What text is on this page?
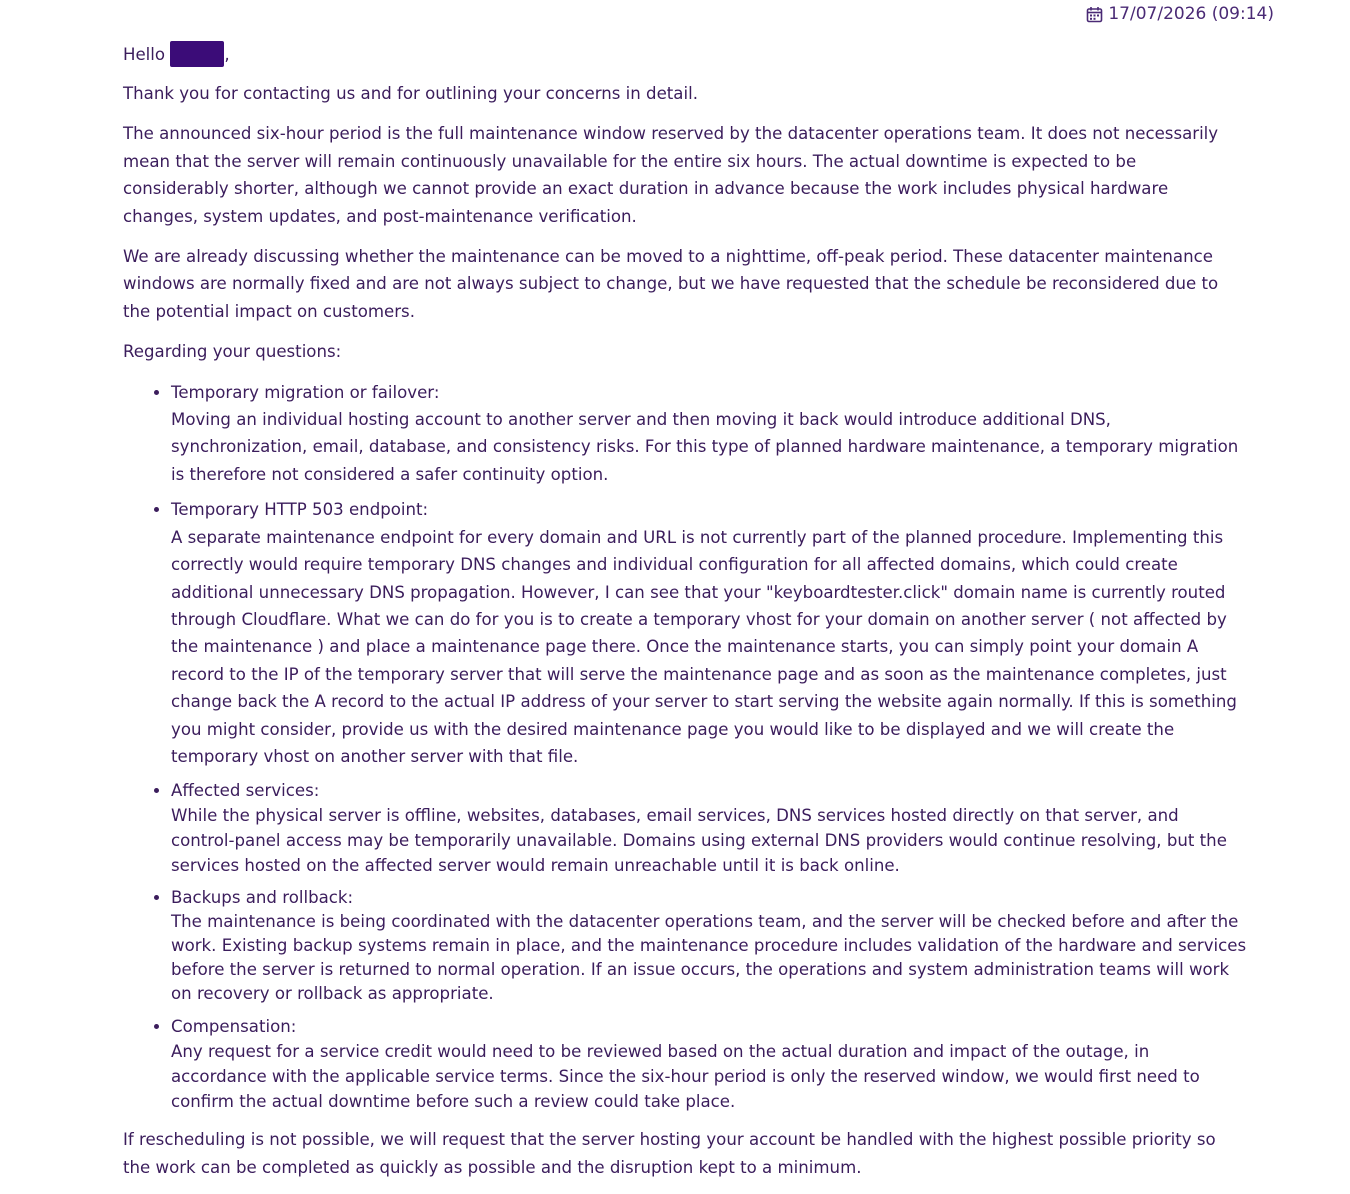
17/07/2026 (09:14)
Hello	,

Thank you for contacting us and for outlining your concerns in detail.

The announced six-hour period is the full maintenance window reserved by the datacenter operations team. It does not necessarily mean that the server will remain continuously unavailable for the entire six hours. The actual downtime is expected to be considerably shorter, although we cannot provide an exact duration in advance because the work includes physical hardware changes, system updates, and post-maintenance verification.

We are already discussing whether the maintenance can be moved to a nighttime, off-peak period. These datacenter maintenance windows are normally fixed and are not always subject to change, but we have requested that the schedule be reconsidered due to the potential impact on customers.

Regarding your questions:

• Temporary migration or failover:
Moving an individual hosting account to another server and then moving it back would introduce additional DNS, synchronization, email, database, and consistency risks. For this type of planned hardware maintenance, a temporary migration is therefore not considered a safer continuity option.
• Temporary HTTP 503 endpoint:
A separate maintenance endpoint for every domain and URL is not currently part of the planned procedure. Implementing this correctly would require temporary DNS changes and individual configuration for all affected domains, which could create additional unnecessary DNS propagation. However, I can see that your "keyboardtester.click" domain name is currently routed through Cloudflare. What we can do for you is to create a temporary vhost for your domain on another server ( not affected by the maintenance ) and place a maintenance page there. Once the maintenance starts, you can simply point your domain A record to the IP of the temporary server that will serve the maintenance page and as soon as the maintenance completes, just change back the A record to the actual IP address of your server to start serving the website again normally. If this is something you might consider, provide us with the desired maintenance page you would like to be displayed and we will create the temporary vhost on another server with that file.
• Affected services:
While the physical server is offline, websites, databases, email services, DNS services hosted directly on that server, and control-panel access may be temporarily unavailable. Domains using external DNS providers would continue resolving, but the services hosted on the affected server would remain unreachable until it is back online.
• Backups and rollback:
The maintenance is being coordinated with the datacenter operations team, and the server will be checked before and after the work. Existing backup systems remain in place, and the maintenance procedure includes validation of the hardware and services before the server is returned to normal operation. If an issue occurs, the operations and system administration teams will work on recovery or rollback as appropriate.
• Compensation:
Any request for a service credit would need to be reviewed based on the actual duration and impact of the outage, in accordance with the applicable service terms. Since the six-hour period is only the reserved window, we would first need to confirm the actual downtime before such a review could take place.

If rescheduling is not possible, we will request that the server hosting your account be handled with the highest possible priority so the work can be completed as quickly as possible and the disruption kept to a minimum.
